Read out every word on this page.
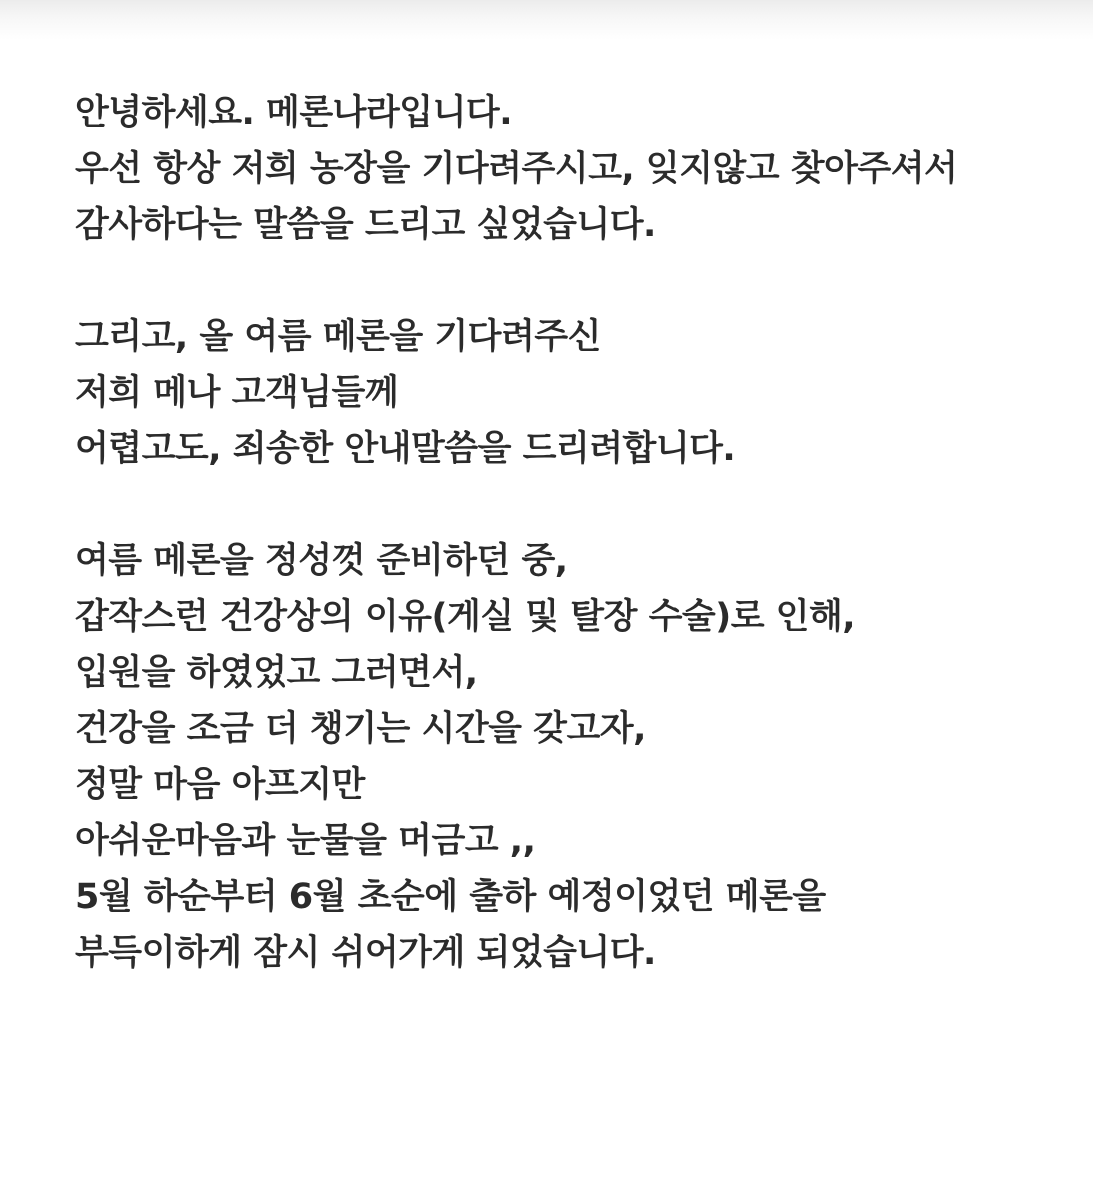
안녕하세요. 메론나라입니다.
우선 항상 저희 농장을 기다려주시고, 잊지않고 찾아주셔서
감사하다는 말씀을 드리고 싶었습니다.
그리고, 올 여름 메론을 기다려주신
저희 메나 고객님들께
어렵고도, 죄송한 안내말씀을 드리려합니다.
여름 메론을 정성껏 준비하던 중,
갑작스런 건강상의 이유(게실 및 탈장 수술)로 인해,
입원을 하였었고 그러면서,
건강을 조금 더 챙기는 시간을 갖고자,
정말 마음 아프지만
아쉬운마음과 눈물을 머금고 ,,
5월 하순부터 6월 초순에 출하 예정이었던 메론을
부득이하게 잠시 쉬어가게 되었습니다.
